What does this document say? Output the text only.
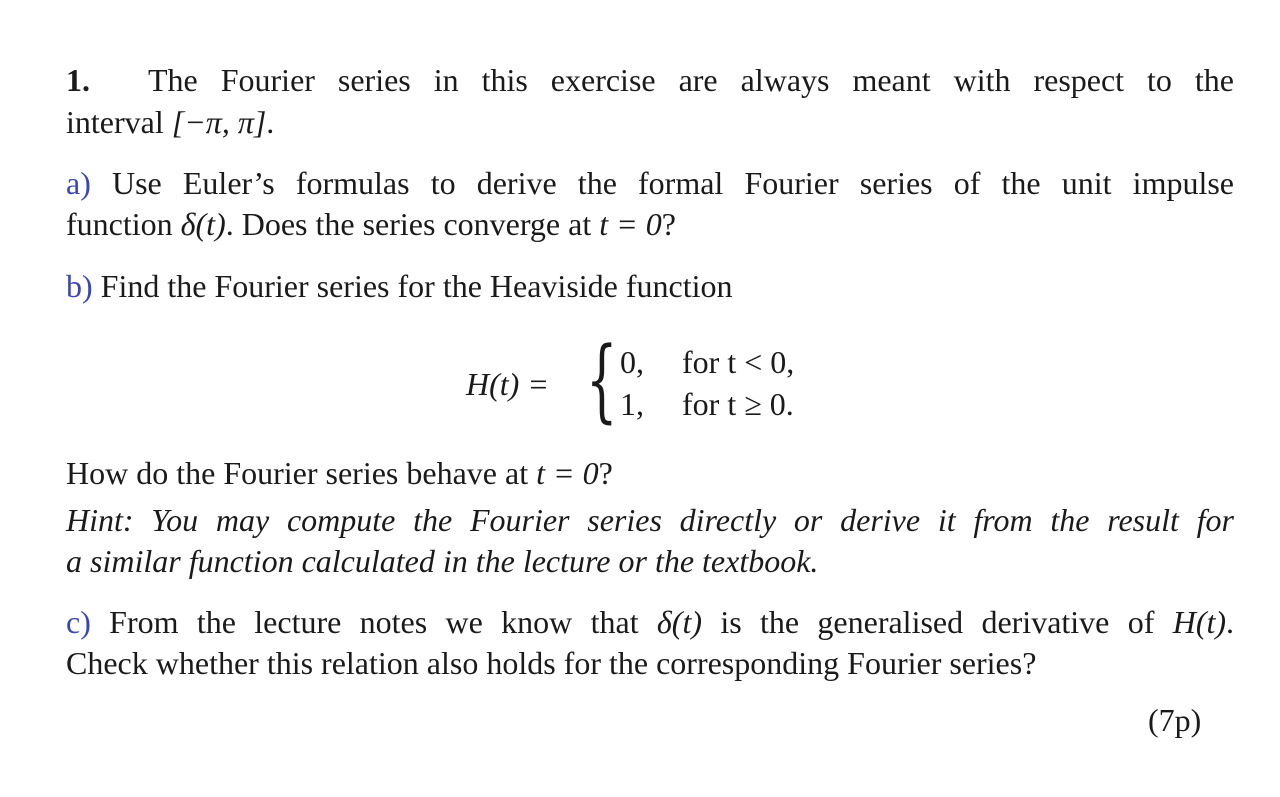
1. The Fourier series in this exercise are always meant with respect to the
interval [−π, π].
a) Use Euler’s formulas to derive the formal Fourier series of the unit impulse
function δ(t). Does the series converge at t = 0?
b) Find the Fourier series for the Heaviside function
H(t) = { 0, for t < 0,
1, for t ≥ 0.
How do the Fourier series behave at t = 0?
Hint: You may compute the Fourier series directly or derive it from the result for
a similar function calculated in the lecture or the textbook.
c) From the lecture notes we know that δ(t) is the generalised derivative of H(t).
Check whether this relation also holds for the corresponding Fourier series?
(7p)
